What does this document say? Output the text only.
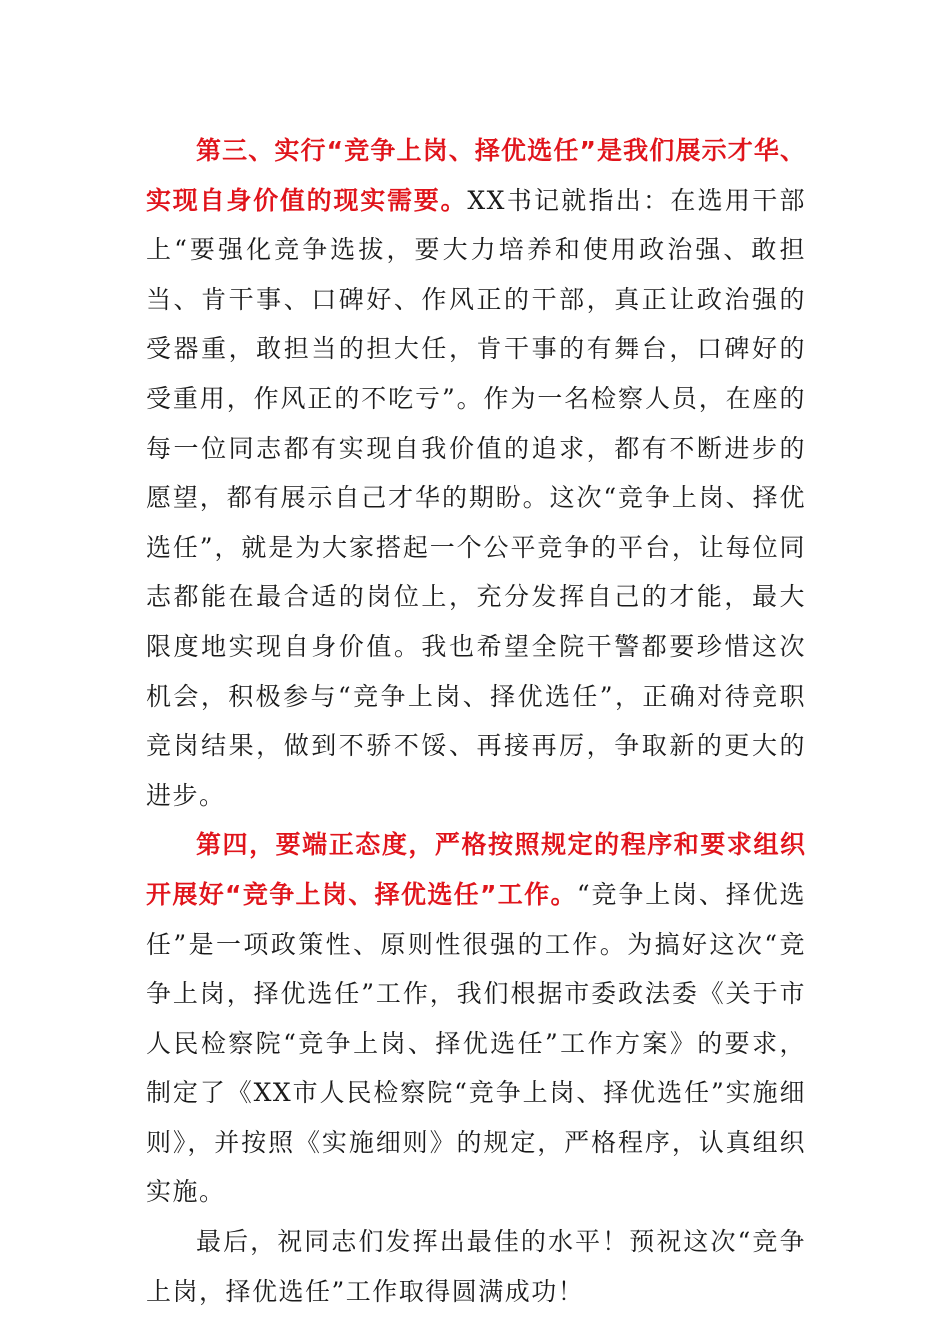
第三、实行“竞争上岗、择优选任”是我们展示才华、实现自身价值的现实需要。XX书记就指出：在选用干部上“要强化竞争选拔，要大力培养和使用政治强、敢担当、肯干事、口碑好、作风正的干部，真正让政治强的受器重，敢担当的担大任，肯干事的有舞台，口碑好的受重用，作风正的不吃亏”。作为一名检察人员，在座的每一位同志都有实现自我价值的追求，都有不断进步的愿望，都有展示自己才华的期盼。这次“竞争上岗、择优选任”，就是为大家搭起一个公平竞争的平台，让每位同志都能在最合适的岗位上，充分发挥自己的才能，最大限度地实现自身价值。我也希望全院干警都要珍惜这次机会，积极参与“竞争上岗、择优选任”，正确对待竞职竞岗结果，做到不骄不馁、再接再厉，争取新的更大的进步。

第四，要端正态度，严格按照规定的程序和要求组织开展好“竞争上岗、择优选任”工作。“竞争上岗、择优选任”是一项政策性、原则性很强的工作。为搞好这次“竞争上岗，择优选任”工作，我们根据市委政法委《关于市人民检察院“竞争上岗、择优选任”工作方案》的要求，制定了《XX市人民检察院“竞争上岗、择优选任”实施细则》，并按照《实施细则》的规定，严格程序，认真组织实施。

最后，祝同志们发挥出最佳的水平！预祝这次“竞争上岗，择优选任”工作取得圆满成功！
